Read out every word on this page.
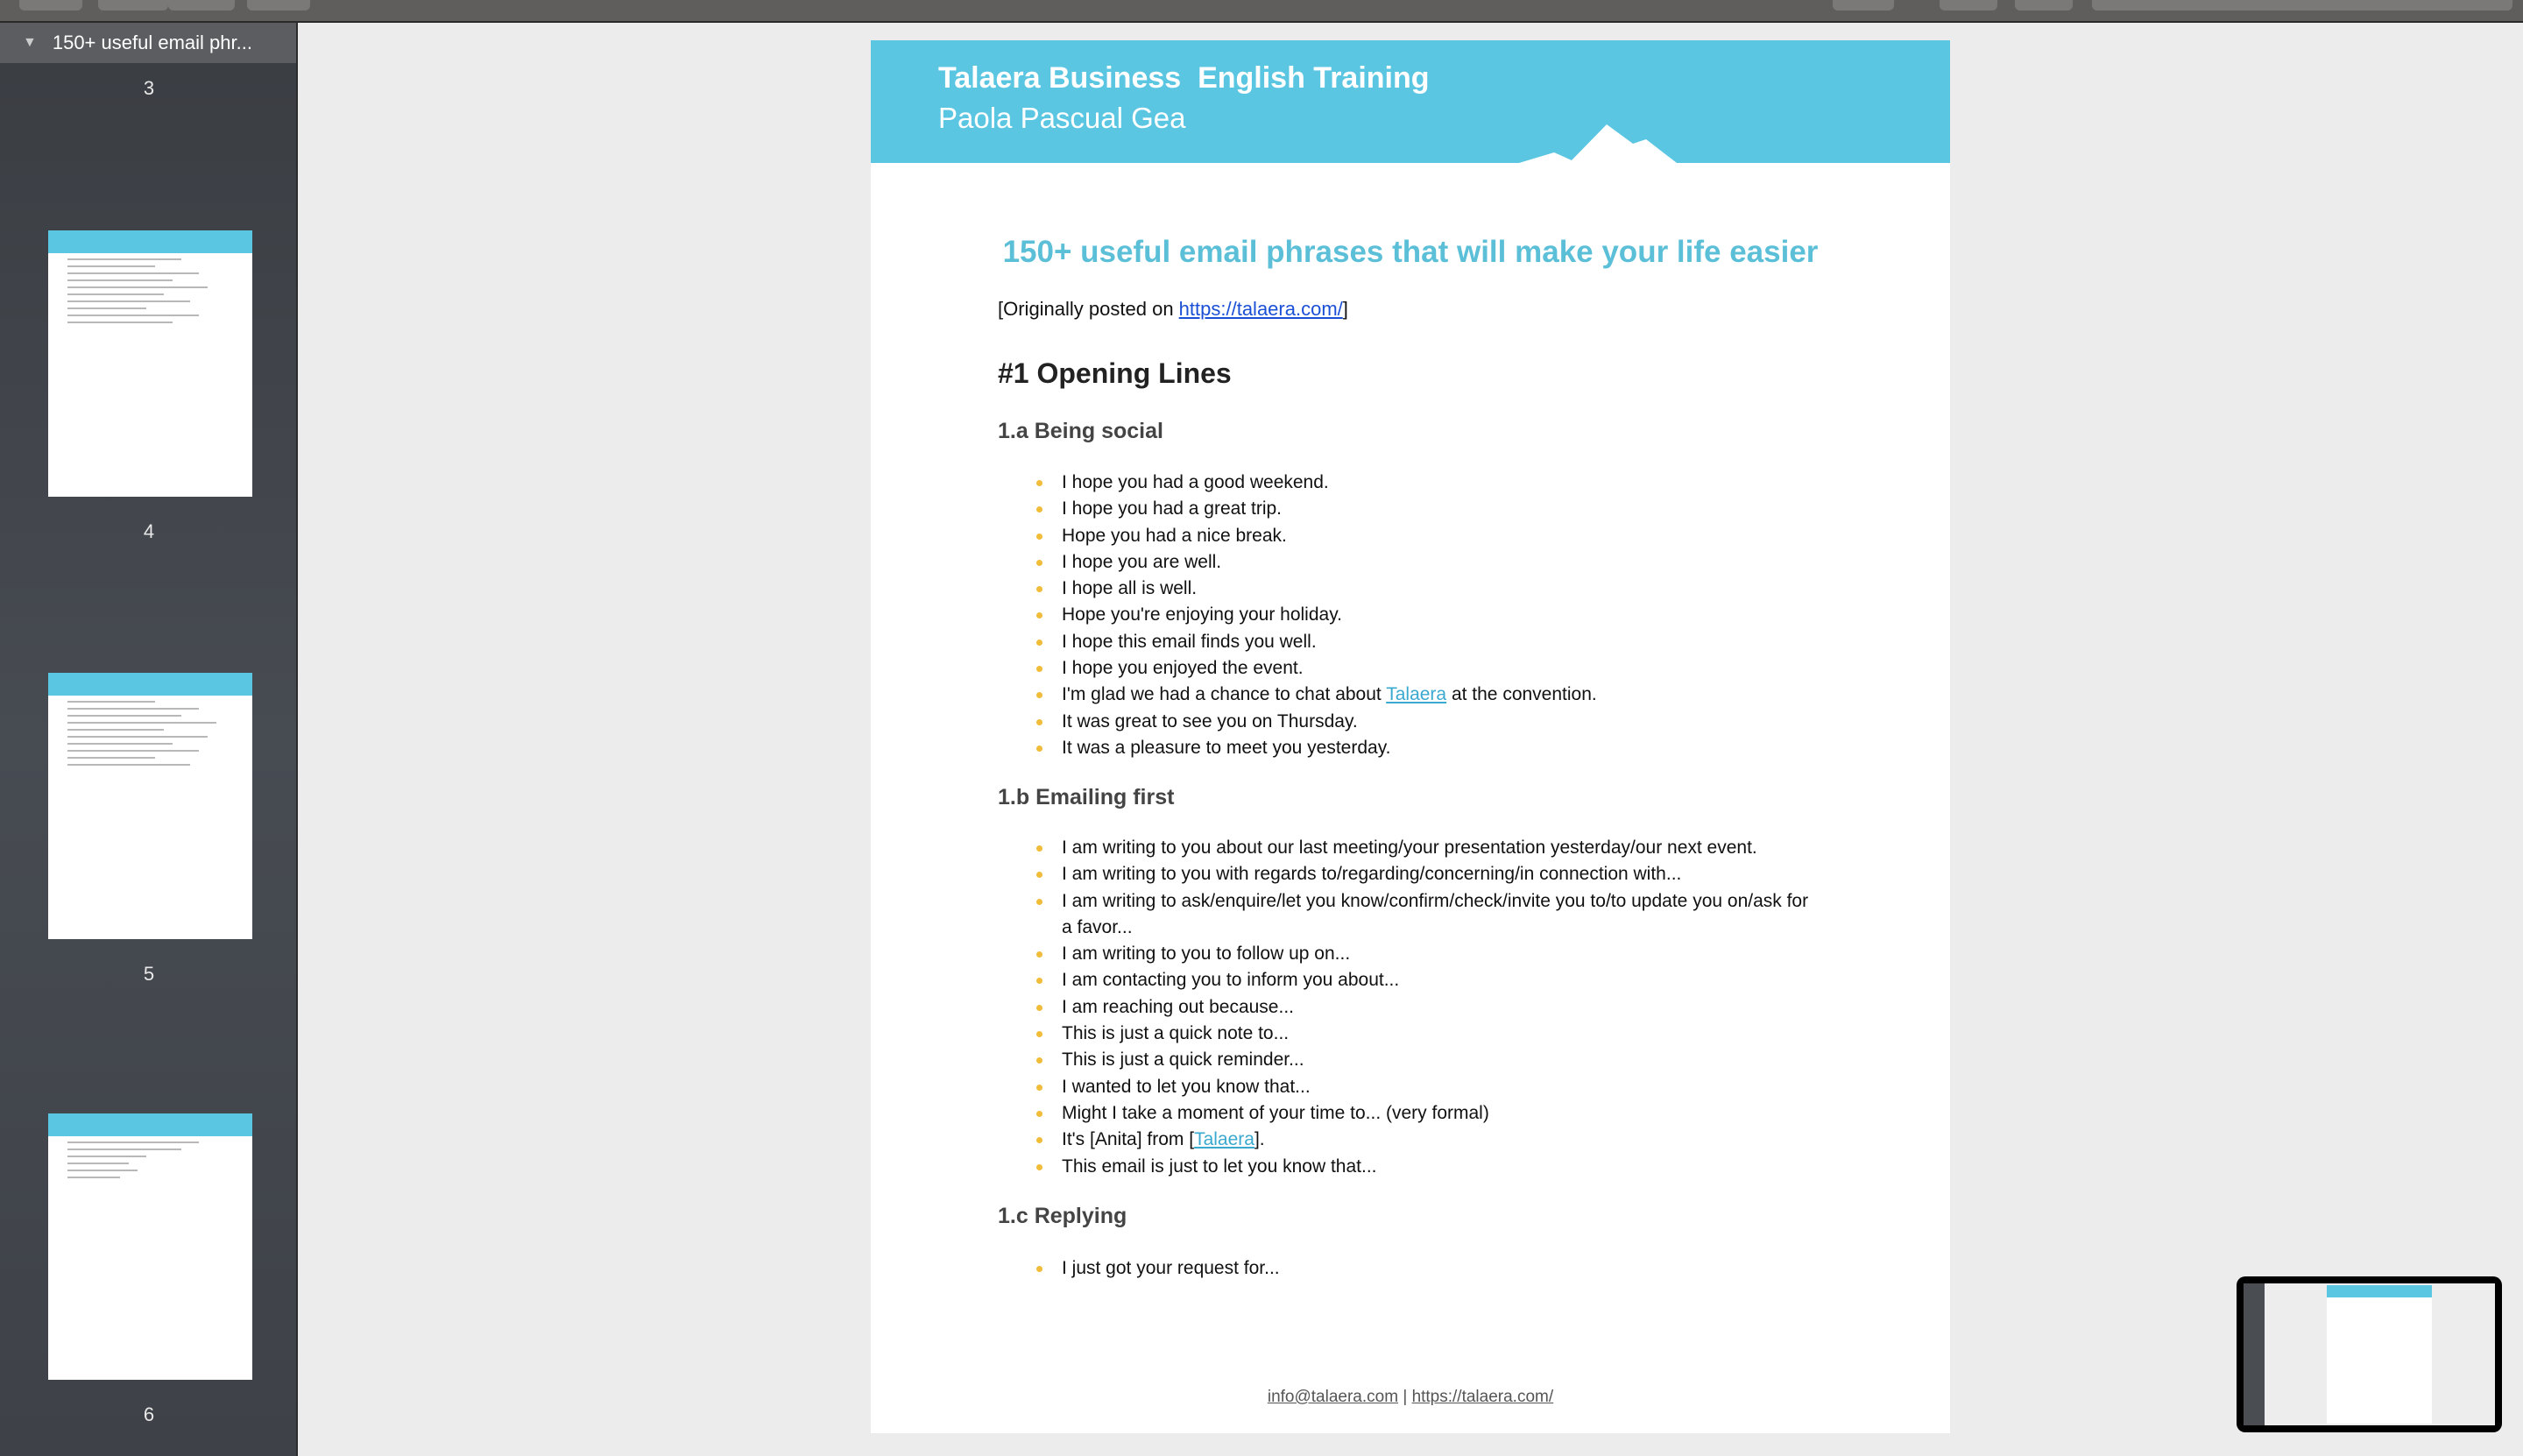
▼ 150+ useful email phr...
3
4
5
6
Talaera Business  English Training
Paola Pascual Gea
150+ useful email phrases that will make your life easier
[Originally posted on https://talaera.com/]
#1 Opening Lines
1.a Being social
I hope you had a good weekend.
I hope you had a great trip.
Hope you had a nice break.
I hope you are well.
I hope all is well.
Hope you're enjoying your holiday.
I hope this email finds you well.
I hope you enjoyed the event.
I'm glad we had a chance to chat about Talaera at the convention.
It was great to see you on Thursday.
It was a pleasure to meet you yesterday.
1.b Emailing first
I am writing to you about our last meeting/your presentation yesterday/our next event.
I am writing to you with regards to/regarding/concerning/in connection with...
I am writing to ask/enquire/let you know/confirm/check/invite you to/to update you on/ask for a favor...
I am writing to you to follow up on...
I am contacting you to inform you about...
I am reaching out because...
This is just a quick note to...
This is just a quick reminder...
I wanted to let you know that...
Might I take a moment of your time to... (very formal)
It's [Anita] from [Talaera].
This email is just to let you know that...
1.c Replying
I just got your request for...
info@talaera.com | https://talaera.com/
